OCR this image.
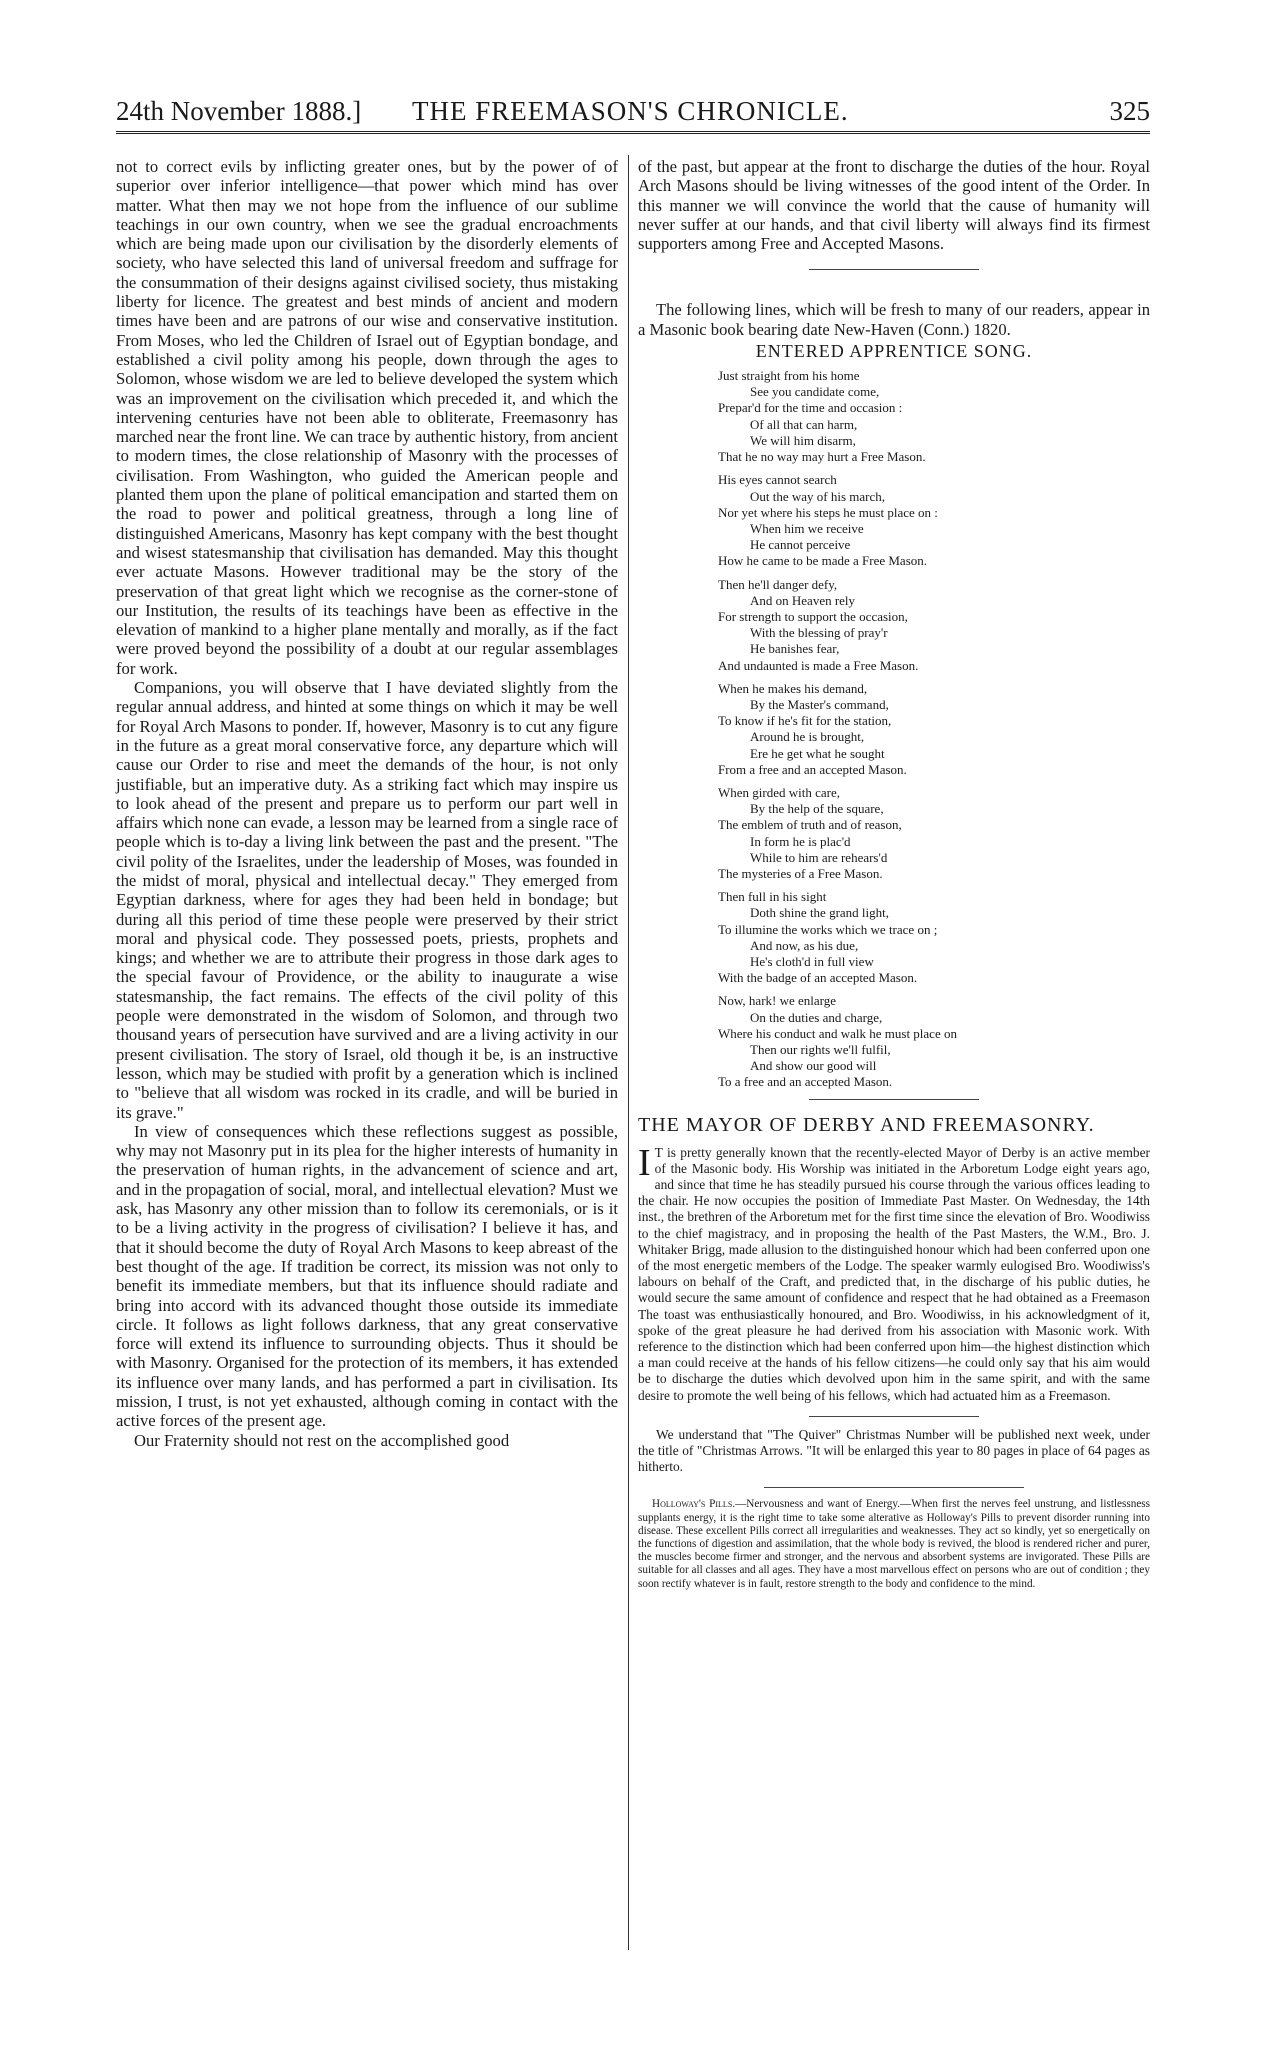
24th November 1888.] THE FREEMASON'S CHRONICLE.	325

not to correct evils by inflicting greater ones, but by the power of of superior over inferior intelligence—that power which mind has over matter. What then may we not hope from the influence of our sublime teachings in our own country, when we see the gradual encroachments which are being made upon our civilisation by the disorderly elements of society, who have selected this land of universal freedom and suffrage for the consummation of their designs against civilised society, thus mistaking liberty for licence. The greatest and best minds of ancient and modern times have been and are patrons of our wise and conservative institution. From Moses, who led the Children of Israel out of Egyptian bondage, and established a civil polity among his people, down through the ages to Solomon, whose wisdom we are led to believe developed the system which was an improvement on the civilisation which preceded it, and which the intervening centuries have not been able to obliterate, Freemasonry has marched near the front line. We can trace by authentic history, from ancient to modern times, the close relationship of Masonry with the processes of civilisation. From Washington, who guided the American people and planted them upon the plane of political emancipation and started them on the road to power and political greatness, through a long line of distinguished Americans, Masonry has kept company with the best thought and wisest statesmanship that civilisation has demanded. May this thought ever actuate Masons. However traditional may be the story of the preservation of that great light which we recognise as the corner-stone of our Institution, the results of its teachings have been as effective in the elevation of mankind to a higher plane mentally and morally, as if the fact were proved beyond the possibility of a doubt at our regular assemblages for work.

Companions, you will observe that I have deviated slightly from the regular annual address, and hinted at some things on which it may be well for Royal Arch Masons to ponder. If, however, Masonry is to cut any figure in the future as a great moral conservative force, any departure which will cause our Order to rise and meet the demands of the hour, is not only justifiable, but an imperative duty. As a striking fact which may inspire us to look ahead of the present and prepare us to perform our part well in affairs which none can evade, a lesson may be learned from a single race of people which is to-day a living link between the past and the present. "The civil polity of the Israelites, under the leadership of Moses, was founded in the midst of moral, physical and intellectual decay." They emerged from Egyptian darkness, where for ages they had been held in bondage; but during all this period of time these people were preserved by their strict moral and physical code. They possessed poets, priests, prophets and kings; and whether we are to attribute their progress in those dark ages to the special favour of Providence, or the ability to inaugurate a wise statesmanship, the fact remains. The effects of the civil polity of this people were demonstrated in the wisdom of Solomon, and through two thousand years of persecution have survived and are a living activity in our present civilisation. The story of Israel, old though it be, is an instructive lesson, which may be studied with profit by a generation which is inclined to "believe that all wisdom was rocked in its cradle, and will be buried in its grave."

In view of consequences which these reflections suggest as possible, why may not Masonry put in its plea for the higher interests of humanity in the preservation of human rights, in the advancement of science and art, and in the propagation of social, moral, and intellectual elevation? Must we ask, has Masonry any other mission than to follow its ceremonials, or is it to be a living activity in the progress of civilisation? I believe it has, and that it should become the duty of Royal Arch Masons to keep abreast of the best thought of the age. If tradition be correct, its mission was not only to benefit its immediate members, but that its influence should radiate and bring into accord with its advanced thought those outside its immediate circle. It follows as light follows darkness, that any great conservative force will extend its influence to surrounding objects. Thus it should be with Masonry. Organised for the protection of its members, it has extended its influence over many lands, and has performed a part in civilisation. Its mission, I trust, is not yet exhausted, although coming in contact with the active forces of the present age.

Our Fraternity should not rest on the accomplished good

of the past, but appear at the front to discharge the duties of the hour. Royal Arch Masons should be living witnesses of the good intent of the Order. In this manner we will convince the world that the cause of humanity will never suffer at our hands, and that civil liberty will always find its firmest supporters among Free and Accepted Masons.

The following lines, which will be fresh to many of our readers, appear in a Masonic book bearing date New-Haven (Conn.) 1820.

ENTERED APPRENTICE SONG.
Just straight from his home
See you candidate come,
Prepar'd for the time and occasion :
Of all that can harm,
We will him disarm,
That he no way may hurt a Free Mason.
His eyes cannot search
Out the way of his march,
Nor yet where his steps he must place on :
When him we receive
He cannot perceive
How he came to be made a Free Mason.
Then he'll danger defy,
And on Heaven rely
For strength to support the occasion,
With the blessing of pray'r
He banishes fear,
And undaunted is made a Free Mason.
When he makes his demand,
By the Master's command,
To know if he's fit for the station,
Around he is brought,
Ere he get what he sought
From a free and an accepted Mason.
When girded with care,
By the help of the square,
The emblem of truth and of reason,
In form he is plac'd
While to him are rehears'd
The mysteries of a Free Mason.
Then full in his sight
Doth shine the grand light,
To illumine the works which we trace on ;
And now, as his due,
He's cloth'd in full view
With the badge of an accepted Mason.
Now, hark! we enlarge
On the duties and charge,
Where his conduct and walk he must place on
Then our rights we'll fulfil,
And show our good will
To a free and an accepted Mason.
THE MAYOR OF DERBY AND FREEMASONRY.

I T is pretty generally known that the recently-elected Mayor of Derby is an active member of the Masonic body. His Worship was initiated in the Arboretum Lodge eight years ago, and since that time he has steadily pursued his course through the various offices leading to the chair. He now occupies the position of Immediate Past Master. On Wednesday, the 14th inst., the brethren of the Arboretum met for the first time since the elevation of Bro. Woodiwiss to the chief magistracy, and in proposing the health of the Past Masters, the W.M., Bro. J. Whitaker Brigg, made allusion to the distinguished honour which had been conferred upon one of the most energetic members of the Lodge. The speaker warmly eulogised Bro. Woodiwiss's labours on behalf of the Craft, and predicted that, in the discharge of his public duties, he would secure the same amount of confidence and respect that he had obtained as a Freemason The toast was enthusiastically honoured, and Bro. Woodiwiss, in his acknowledgment of it, spoke of the great pleasure he had derived from his association with Masonic work. With reference to the distinction which had been conferred upon him—the highest distinction which a man could receive at the hands of his fellow citizens—he could only say that his aim would be to discharge the duties which devolved upon him in the same spirit, and with the same desire to promote the well being of his fellows, which had actuated him as a Freemason.

We understand that "The Quiver" Christmas Number will be published next week, under the title of "Christmas Arrows. "It will be enlarged this year to 80 pages in place of 64 pages as hitherto.

Holloway's Pills.—Nervousness and want of Energy.—When first the nerves feel unstrung, and listlessness supplants energy, it is the right time to take some alterative as Holloway's Pills to prevent disorder running into disease. These excellent Pills correct all irregularities and weaknesses. They act so kindly, yet so energetically on the functions of digestion and assimilation, that the whole body is revived, the blood is rendered richer and purer, the muscles become firmer and stronger, and the nervous and absorbent systems are invigorated. These Pills are suitable for all classes and all ages. They have a most marvellous effect on persons who are out of condition ; they soon rectify whatever is in fault, restore strength to the body and confidence to the mind.
